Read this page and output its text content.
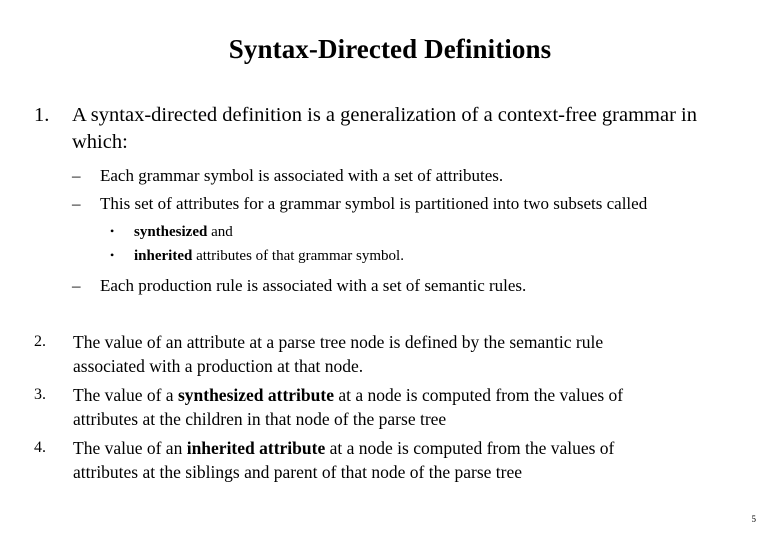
Syntax-Directed Definitions
1. A syntax-directed definition is a generalization of a context-free grammar in which:
– Each grammar symbol is associated with a set of attributes.
– This set of attributes for a grammar symbol is partitioned into two subsets called
• synthesized and
• inherited attributes of that grammar symbol.
– Each production rule is associated with a set of semantic rules.
2. The value of an attribute at a parse tree node is defined by the semantic rule
associated with a production at that node.
3. The value of a synthesized attribute at a node is computed from the values of
attributes at the children in that node of the parse tree
4. The value of an inherited attribute at a node is computed from the values of
attributes at the siblings and parent of that node of the parse tree
5
